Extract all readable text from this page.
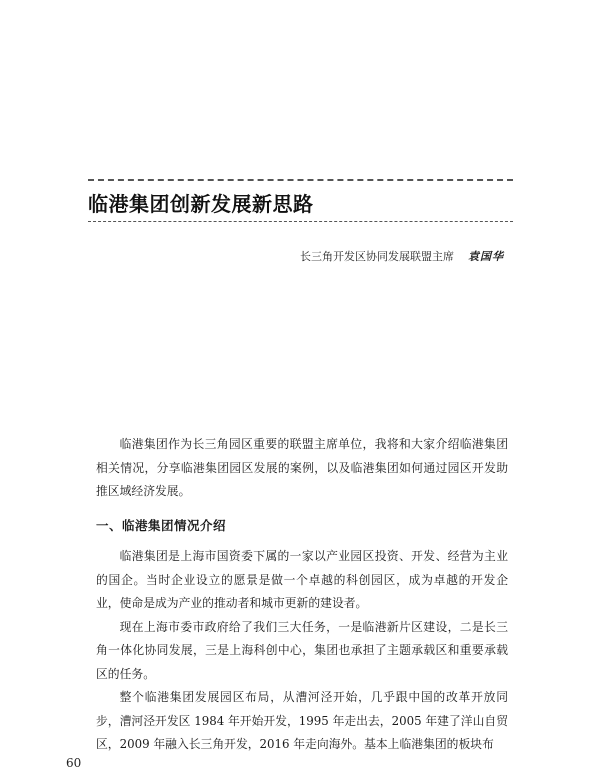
临港集团创新发展新思路
长三角开发区协同发展联盟主席 袁国华

临港集团作为长三角园区重要的联盟主席单位，我将和大家介绍临港集团相关情况，分享临港集团园区发展的案例，以及临港集团如何通过园区开发助推区域经济发展。

一、临港集团情况介绍

临港集团是上海市国资委下属的一家以产业园区投资、开发、经营为主业的国企。当时企业设立的愿景是做一个卓越的科创园区，成为卓越的开发企业，使命是成为产业的推动者和城市更新的建设者。

现在上海市委市政府给了我们三大任务，一是临港新片区建设，二是长三角一体化协同发展，三是上海科创中心，集团也承担了主题承载区和重要承载区的任务。

整个临港集团发展园区布局，从漕河泾开始，几乎跟中国的改革开放同步，漕河泾开发区 1984 年开始开发，1995 年走出去，2005 年建了洋山自贸区，2009 年融入长三角开发，2016 年走向海外。基本上临港集团的板块布

60
